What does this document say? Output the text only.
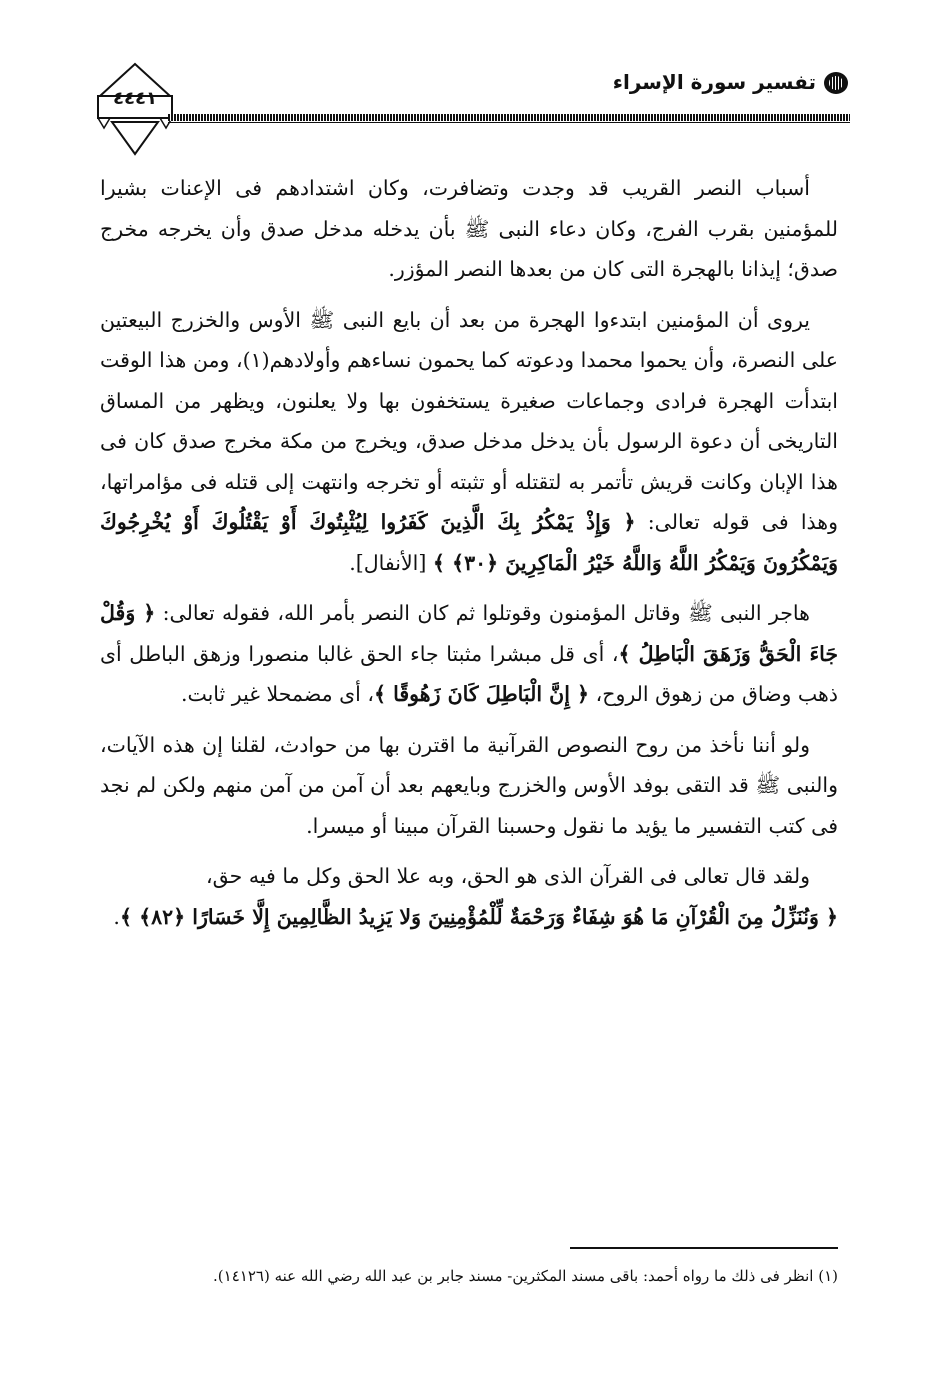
٤٤٤١
تفسير سورة الإسراء

أسباب النصر القريب قد وجدت وتضافرت، وكان اشتدادهم فى الإعنات بشيرا للمؤمنين بقرب الفرج، وكان دعاء النبى ﷺ بأن يدخله مدخل صدق وأن يخرجه مخرج صدق؛ إيذانا بالهجرة التى كان من بعدها النصر المؤزر.

يروى أن المؤمنين ابتدءوا الهجرة من بعد أن بايع النبى ﷺ الأوس والخزرج البيعتين على النصرة، وأن يحموا محمدا ودعوته كما يحمون نساءهم وأولادهم(١)، ومن هذا الوقت ابتدأت الهجرة فرادى وجماعات صغيرة يستخفون بها ولا يعلنون، ويظهر من المساق التاريخى أن دعوة الرسول بأن يدخل مدخل صدق، ويخرج من مكة مخرج صدق كان فى هذا الإبان وكانت قريش تأتمر به لتقتله أو تثبته أو تخرجه وانتهت إلى قتله فى مؤامراتها، وهذا فى قوله تعالى: ﴿ وَإِذْ يَمْكُرُ بِكَ الَّذِينَ كَفَرُوا لِيُثْبِتُوكَ أَوْ يَقْتُلُوكَ أَوْ يُخْرِجُوكَ وَيَمْكُرُونَ وَيَمْكُرُ اللَّهُ وَاللَّهُ خَيْرُ الْمَاكِرِينَ ﴿٣٠﴾ ﴾ [الأنفال].

هاجر النبى ﷺ وقاتل المؤمنون وقوتلوا ثم كان النصر بأمر الله، فقوله تعالى: ﴿ وَقُلْ جَاءَ الْحَقُّ وَزَهَقَ الْبَاطِلُ ﴾، أى قل مبشرا مثبتا جاء الحق غالبا منصورا وزهق الباطل أى ذهب وضاق من زهوق الروح، ﴿ إِنَّ الْبَاطِلَ كَانَ زَهُوقًا ﴾، أى مضمحلا غير ثابت.

ولو أننا نأخذ من روح النصوص القرآنية ما اقترن بها من حوادث، لقلنا إن هذه الآيات، والنبى ﷺ قد التقى بوفد الأوس والخزرج وبايعهم بعد أن آمن من آمن منهم ولكن لم نجد فى كتب التفسير ما يؤيد ما نقول وحسبنا القرآن مبينا أو ميسرا.

ولقد قال تعالى فى القرآن الذى هو الحق، وبه علا الحق وكل ما فيه حق،

﴿ وَنُنَزِّلُ مِنَ الْقُرْآنِ مَا هُوَ شِفَاءٌ وَرَحْمَةٌ لِّلْمُؤْمِنِينَ وَلا يَزِيدُ الظَّالِمِينَ إِلَّا خَسَارًا ﴿٨٢﴾ ﴾.

(١) انظر فى ذلك ما رواه أحمد: باقى مسند المكثرين- مسند جابر بن عبد الله رضي الله عنه (١٤١٢٦).
